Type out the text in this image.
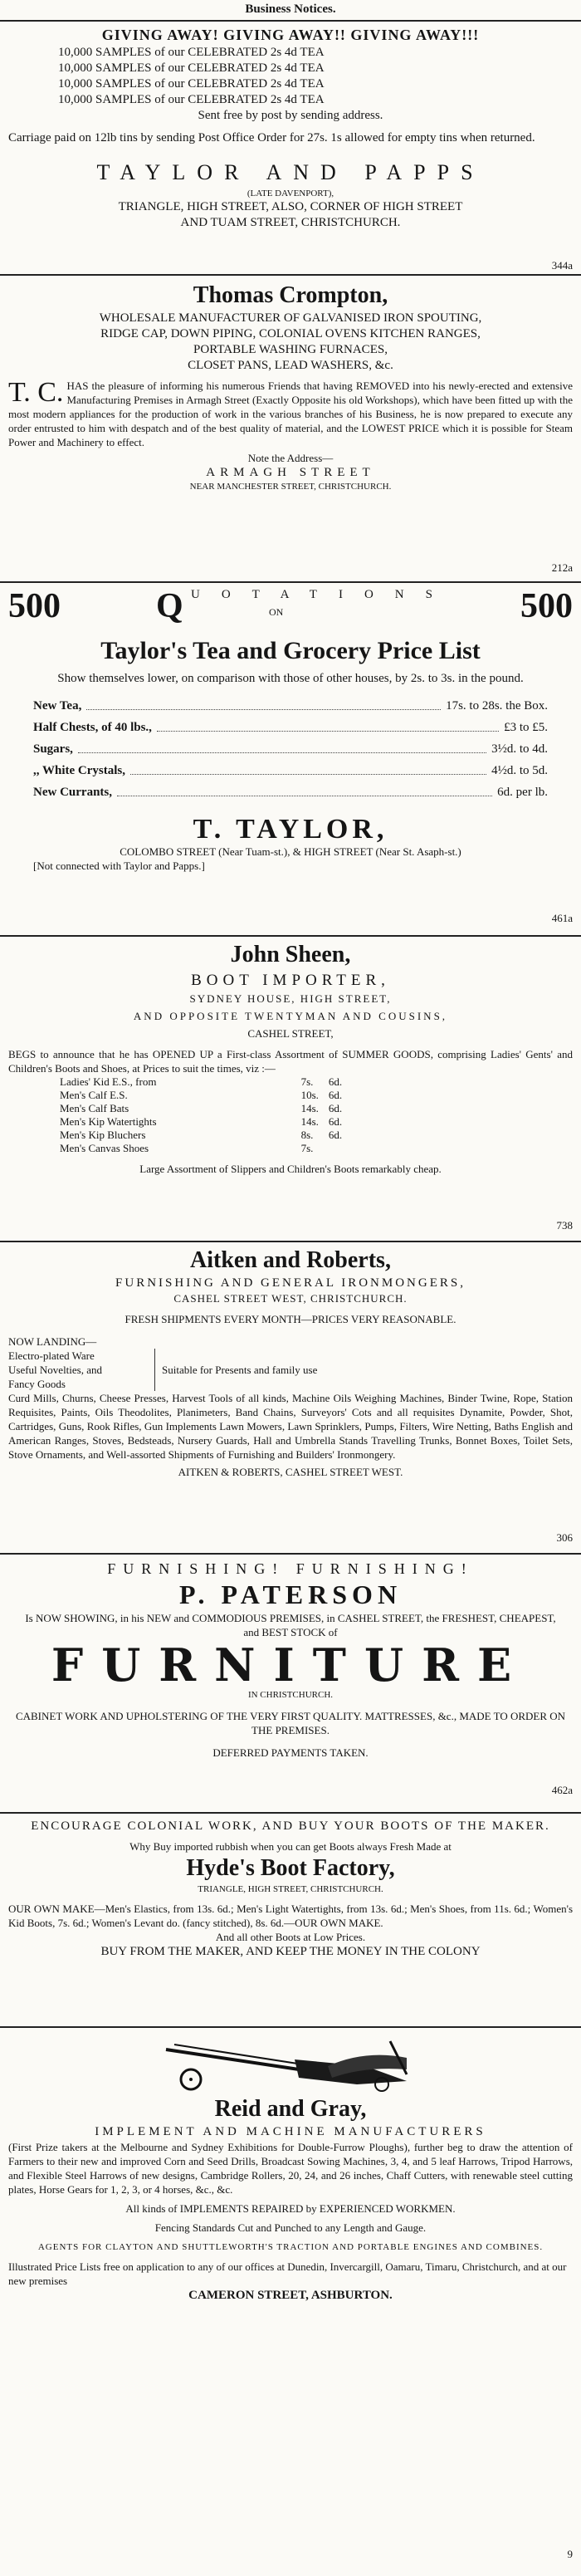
Business Notices.

GIVING AWAY! GIVING AWAY!! GIVING AWAY!!!

10,000 SAMPLES of our CELEBRATED 2s 4d TEA

10,000 SAMPLES of our CELEBRATED 2s 4d TEA

10,000 SAMPLES of our CELEBRATED 2s 4d TEA

10,000 SAMPLES of our CELEBRATED 2s 4d TEA

Sent free by post by sending address.

Carriage paid on 12lb tins by sending Post Office Order for 27s. 1s allowed for empty tins when returned.

TAYLOR AND PAPPS

(LATE DAVENPORT),

TRIANGLE, HIGH STREET, ALSO, CORNER OF HIGH STREET

AND TUAM STREET, CHRISTCHURCH.

344a

Thomas Crompton,

WHOLESALE MANUFACTURER OF GALVANISED IRON SPOUTING,

RIDGE CAP, DOWN PIPING, COLONIAL OVENS KITCHEN RANGES,

PORTABLE WASHING FURNACES,

CLOSET PANS, LEAD WASHERS, &c.

T. C. HAS the pleasure of informing his numerous Friends that having REMOVED into his newly-erected and extensive Manufacturing Premises in Armagh Street (Exactly Opposite his old Workshops), which have been fitted up with the most modern appliances for the production of work in the various branches of his Business, he is now prepared to execute any order entrusted to him with despatch and of the best quality of material, and the LOWEST PRICE which it is possible for Steam Power and Machinery to effect.

Note the Address—

ARMAGH STREET

NEAR MANCHESTER STREET, CHRISTCHURCH.

212a
500	Q UOTATIONS
ON	500

Taylor's Tea and Grocery Price List

Show themselves lower, on comparison with those of other houses, by 2s. to 3s. in the pound.

New Tea,	17s. to 28s. the Box.
Half Chests, of 40 lbs.,	£3 to £5.
Sugars,	3½d. to 4d.
,, White Crystals,	4½d. to 5d.
New Currants,	6d. per lb.

T. TAYLOR,

COLOMBO STREET (Near Tuam-st.), & HIGH STREET (Near St. Asaph-st.)

[Not connected with Taylor and Papps.]

461a

John Sheen,

BOOT IMPORTER,

SYDNEY HOUSE, HIGH STREET,

AND OPPOSITE TWENTYMAN AND COUSINS,

CASHEL STREET,

BEGS to announce that he has OPENED UP a First-class Assortment of SUMMER GOODS, comprising Ladies' Gents' and Children's Boots and Shoes, at Prices to suit the times, viz :—

Ladies' Kid E.S., from		7s.	6d.
Men's Calf E.S.		10s.	6d.
Men's Calf Bats		14s.	6d.
Men's Kip Watertights		14s.	6d.
Men's Kip Bluchers		8s.	6d.
Men's Canvas Shoes		7s.	

Large Assortment of Slippers and Children's Boots remarkably cheap.

738

Aitken and Roberts,

FURNISHING AND GENERAL IRONMONGERS,

CASHEL STREET WEST, CHRISTCHURCH.

FRESH SHIPMENTS EVERY MONTH—PRICES VERY REASONABLE.

NOW LANDING—

Electro-plated Ware

Useful Novelties, and

Fancy Goods

Suitable for Presents and family use

Curd Mills, Churns, Cheese Presses, Harvest Tools of all kinds, Machine Oils Weighing Machines, Binder Twine, Rope, Station Requisites, Paints, Oils Theodolites, Planimeters, Band Chains, Surveyors' Cots and all requisites Dynamite, Powder, Shot, Cartridges, Guns, Rook Rifles, Gun Implements Lawn Mowers, Lawn Sprinklers, Pumps, Filters, Wire Netting, Baths English and American Ranges, Stoves, Bedsteads, Nursery Guards, Hall and Umbrella Stands Travelling Trunks, Bonnet Boxes, Toilet Sets, Stove Ornaments, and Well-assorted Shipments of Furnishing and Builders' Ironmongery.

AITKEN & ROBERTS, CASHEL STREET WEST.

306

FURNISHING! FURNISHING!

P. PATERSON

Is NOW SHOWING, in his NEW and COMMODIOUS PREMISES, in CASHEL STREET, the FRESHEST, CHEAPEST, and BEST STOCK of

FURNITURE

IN CHRISTCHURCH.

CABINET WORK AND UPHOLSTERING OF THE VERY FIRST QUALITY. MATTRESSES, &c., MADE TO ORDER ON THE PREMISES.

DEFERRED PAYMENTS TAKEN.

462a

ENCOURAGE COLONIAL WORK, AND BUY YOUR BOOTS OF THE MAKER.

Why Buy imported rubbish when you can get Boots always Fresh Made at

Hyde's Boot Factory,

TRIANGLE, HIGH STREET, CHRISTCHURCH.

OUR OWN MAKE—Men's Elastics, from 13s. 6d.; Men's Light Watertights, from 13s. 6d.; Men's Shoes, from 11s. 6d.; Women's Kid Boots, 7s. 6d.; Women's Levant do. (fancy stitched), 8s. 6d.—OUR OWN MAKE.

And all other Boots at Low Prices.

BUY FROM THE MAKER, AND KEEP THE MONEY IN THE COLONY

Reid and Gray,

IMPLEMENT AND MACHINE MANUFACTURERS

(First Prize takers at the Melbourne and Sydney Exhibitions for Double-Furrow Ploughs), further beg to draw the attention of Farmers to their new and improved Corn and Seed Drills, Broadcast Sowing Machines, 3, 4, and 5 leaf Harrows, Tripod Harrows, and Flexible Steel Harrows of new designs, Cambridge Rollers, 20, 24, and 26 inches, Chaff Cutters, with renewable steel cutting plates, Horse Gears for 1, 2, 3, or 4 horses, &c., &c.

All kinds of IMPLEMENTS REPAIRED by EXPERIENCED WORKMEN.

Fencing Standards Cut and Punched to any Length and Gauge.

AGENTS FOR CLAYTON AND SHUTTLEWORTH'S TRACTION AND PORTABLE ENGINES AND COMBINES.

Illustrated Price Lists free on application to any of our offices at Dunedin, Invercargill, Oamaru, Timaru, Christchurch, and at our new premises

CAMERON STREET, ASHBURTON.

9
